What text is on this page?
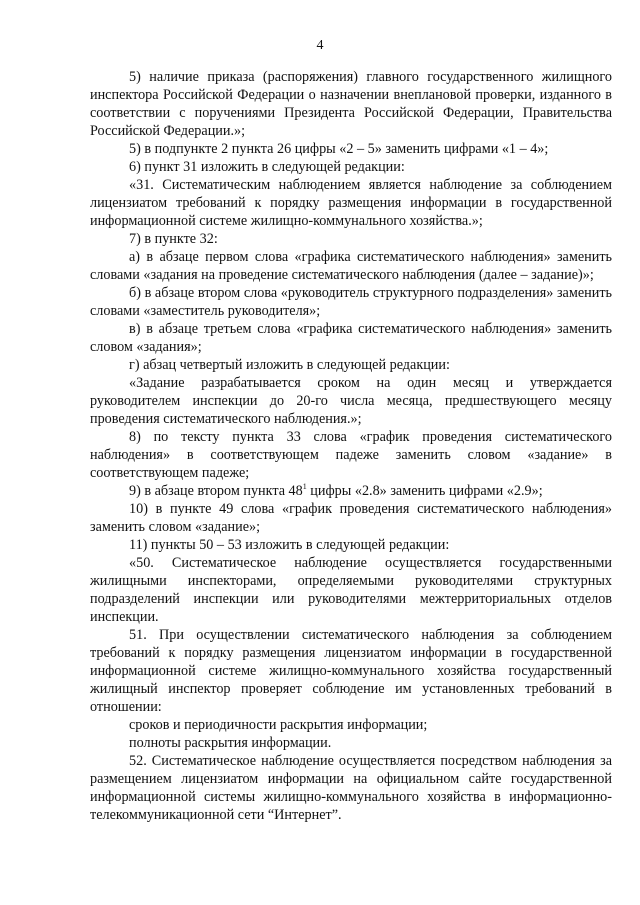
4

5) наличие приказа (распоряжения) главного государственного жилищного инспектора Российской Федерации о назначении внеплановой проверки, изданного в соответствии с поручениями Президента Российской Федерации, Правительства Российской Федерации.»;

5) в подпункте 2 пункта 26 цифры «2 – 5» заменить цифрами «1 – 4»;

6) пункт 31 изложить в следующей редакции:

«31. Систематическим наблюдением является наблюдение за соблюдением лицензиатом требований к порядку размещения информации в государственной информационной системе жилищно-коммунального хозяйства.»;

7) в пункте 32:

а) в абзаце первом слова «графика систематического наблюдения» заменить словами «задания на проведение систематического наблюдения (далее – задание)»;

б) в абзаце втором слова «руководитель структурного подразделения» заменить словами «заместитель руководителя»;

в) в абзаце третьем слова «графика систематического наблюдения» заменить словом «задания»;

г) абзац четвертый изложить в следующей редакции:

«Задание разрабатывается сроком на один месяц и утверждается руководителем инспекции до 20-го числа месяца, предшествующего месяцу проведения систематического наблюдения.»;

8) по тексту пункта 33 слова «график проведения систематического наблюдения» в соответствующем падеже заменить словом «задание» в соответствующем падеже;

9) в абзаце втором пункта $48^1$ цифры «2.8» заменить цифрами «2.9»;

10) в пункте 49 слова «график проведения систематического наблюдения» заменить словом «задание»;

11) пункты 50 – 53 изложить в следующей редакции:

«50. Систематическое наблюдение осуществляется государственными жилищными инспекторами, определяемыми руководителями структурных подразделений инспекции или руководителями межтерриториальных отделов инспекции.

51. При осуществлении систематического наблюдения за соблюдением требований к порядку размещения лицензиатом информации в государственной информационной системе жилищно-коммунального хозяйства государственный жилищный инспектор проверяет соблюдение им установленных требований в отношении:

сроков и периодичности раскрытия информации;

полноты раскрытия информации.

52. Систематическое наблюдение осуществляется посредством наблюдения за размещением лицензиатом информации на официальном сайте государственной информационной системы жилищно-коммунального хозяйства в информационно-телекоммуникационной сети “Интернет”.
